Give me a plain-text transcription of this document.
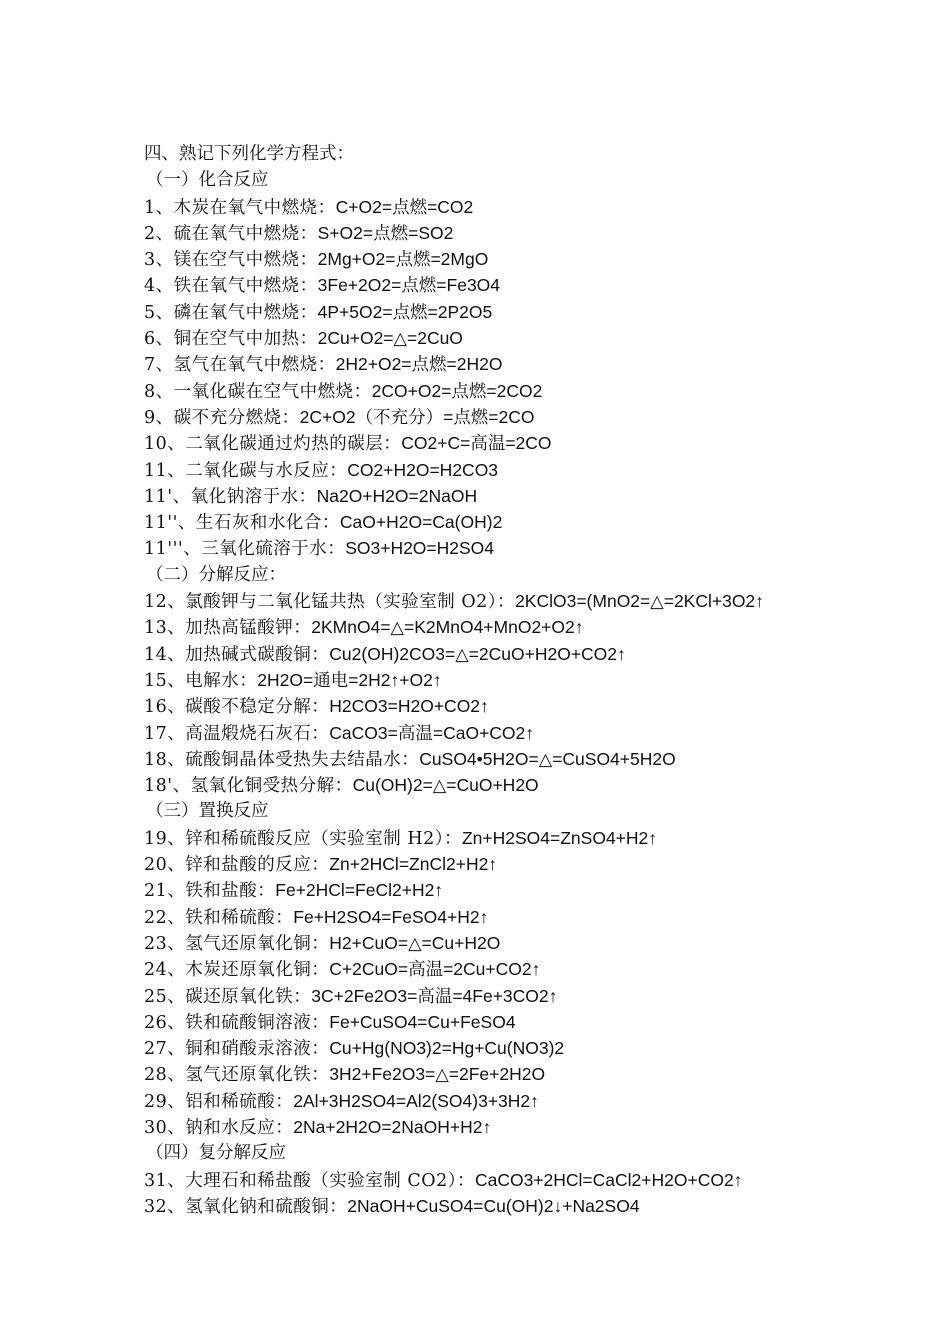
四、熟记下列化学方程式：
（一）化合反应
1、木炭在氧气中燃烧：C+O2=点燃=CO2
2、硫在氧气中燃烧：S+O2=点燃=SO2
3、镁在空气中燃烧：2Mg+O2=点燃=2MgO
4、铁在氧气中燃烧：3Fe+2O2=点燃=Fe3O4
5、磷在氧气中燃烧：4P+5O2=点燃=2P2O5
6、铜在空气中加热：2Cu+O2=△=2CuO
7、氢气在氧气中燃烧：2H2+O2=点燃=2H2O
8、一氧化碳在空气中燃烧：2CO+O2=点燃=2CO2
9、碳不充分燃烧：2C+O2（不充分）=点燃=2CO
10、二氧化碳通过灼热的碳层：CO2+C=高温=2CO
11、二氧化碳与水反应：CO2+H2O=H2CO3
11'、氧化钠溶于水：Na2O+H2O=2NaOH
11''、生石灰和水化合：CaO+H2O=Ca(OH)2
11'''、三氧化硫溶于水：SO3+H2O=H2SO4
（二）分解反应：
12、氯酸钾与二氧化锰共热（实验室制 O2）：2KClO3=(MnO2=△=2KCl+3O2↑
13、加热高锰酸钾：2KMnO4=△=K2MnO4+MnO2+O2↑
14、加热碱式碳酸铜：Cu2(OH)2CO3=△=2CuO+H2O+CO2↑
15、电解水：2H2O=通电=2H2↑+O2↑
16、碳酸不稳定分解：H2CO3=H2O+CO2↑
17、高温煅烧石灰石：CaCO3=高温=CaO+CO2↑
18、硫酸铜晶体受热失去结晶水：CuSO4•5H2O=△=CuSO4+5H2O
18'、氢氧化铜受热分解：Cu(OH)2=△=CuO+H2O
（三）置换反应
19、锌和稀硫酸反应（实验室制 H2）：Zn+H2SO4=ZnSO4+H2↑
20、锌和盐酸的反应：Zn+2HCl=ZnCl2+H2↑
21、铁和盐酸：Fe+2HCl=FeCl2+H2↑
22、铁和稀硫酸：Fe+H2SO4=FeSO4+H2↑
23、氢气还原氧化铜：H2+CuO=△=Cu+H2O
24、木炭还原氧化铜：C+2CuO=高温=2Cu+CO2↑
25、碳还原氧化铁：3C+2Fe2O3=高温=4Fe+3CO2↑
26、铁和硫酸铜溶液：Fe+CuSO4=Cu+FeSO4
27、铜和硝酸汞溶液：Cu+Hg(NO3)2=Hg+Cu(NO3)2
28、氢气还原氧化铁：3H2+Fe2O3=△=2Fe+2H2O
29、铝和稀硫酸：2Al+3H2SO4=Al2(SO4)3+3H2↑
30、钠和水反应：2Na+2H2O=2NaOH+H2↑
（四）复分解反应
31、大理石和稀盐酸（实验室制 CO2）：CaCO3+2HCl=CaCl2+H2O+CO2↑
32、氢氧化钠和硫酸铜：2NaOH+CuSO4=Cu(OH)2↓+Na2SO4
